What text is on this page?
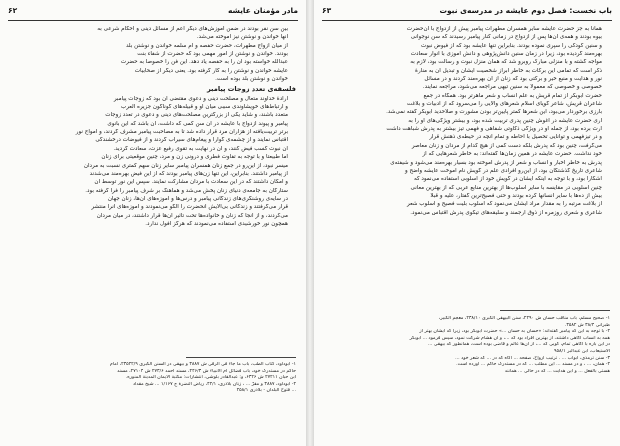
مادر مؤمنان عایشه
۶۲

بین سن نفر بودند در ضمن آموزش‌های دیگر اعم از مسائل دینی و احکام شرعی به

آنها خواندن و نوشتن نیز آموخته می‌شد.

از میان ازواج مطهرات، حضرت حفصه و ام سلمه خواندن و نوشتن بلد

بودند. خواندن و نوشتن از امور مهمی بود که حضرت از شفاء بنت

عبدالله خواسته بود آن را به حفصه یاد دهد. این فن را خصوصاً به حضرت

عایشه خواندن و نوشتن را به کار گرفته بود. یعنی دیگر از صحابیات

خواندن و نوشتن بلد بوده است.

فلسفه‌ی تعدد زوجات پیامبر

ارادهٔ خداوند متعال و مصلحت دینی و دعوی مقتضی آن بود که زوجات پیامبر

و ارتباط‌های خویشاوندی سببی میان او و قبیله‌های گوناگون جزیره العرب

متعدد باشند، و شاید یکی از بزرگترین مصلحت‌های دینی و دعوی در تعدد زوجات

پیامبر و پیوند ازدواج با عایشه در آن سن کمی که داشت، آن باشد که این بانوی

برتر تربیت‌یافته از هزاران مرد قرار داده شد تا به مصاحبت پیامبر مشرف گردند، و امواج نور

اقتباس نمایند و از چشمه‌ی گوارا و پیغام‌های سیراب گردند و از فیوضات درخشندگی

آن نبوت کسب فیض کنند، و آن در نهایت به تقوی رفیع عزت، سعادت گردید.

اما طبیعتاً و با توجه به تفاوت فطری و درونی زن و مرد، چنین موقعیتی برای زنان

میسر نبود، از این‌رو در جمع زنان همسران پیامبر سایر زنان سهم کمتری نسبت به مردان

از پیامبر داشتند. بنابراین، این تنها زن‌های پیامبر بودند که از این فیض بهره‌مند می‌شدند

و امکان داشتند که در این سعادت با مردان مشارکت نمایند. سپس این نور توسط آن

ستارگان به جامعه‌ی دنیای زنان پخش می‌شد و هماهنگ بر شرف پیامبر را فرا گرفته بود.

در سایه‌ی روشنگری‌های زندگانی پیامبر و درس‌ها و آموزه‌های آن‌ها، زنان جهان

قرار می‌گرفتند و زندگانی بی‌آلایش آنحضرت را الگو می‌نمودند و آموزه‌های آنرا منتشر

می‌کردند، و از آنجا که زنان و خانواده‌ها تحت تأثیر آن‌ها قرار داشتند، در میان مردان

همچون نور خورشیدی استفاده می‌نمودند که هرگز افول ندارد.

۱- ابوداود، کتاب الطب، باب ما جاء فی الرقی ش ۳۸۸۷ و بیهقی در السنن الکبری ۲۳۵۴۲/۹، امام
حاکم در مستدرک خود، باب فضائل ام الانبیاء ش ۲۴۶/۳، مسند احمد ۲۷۳/۶ ش ۲۷۱۰۴، مسند
ابن حبان ۲۷۲۱۱ ش ۶۳۲۶، و: عبدالقادر بلوشی، انتشارات: مکتبة الایمان المدینة المنوره.
۲- ابوداود، ۳۸۸۷ و مقرّ ... ، زنان بلاذری، ۴۴/۱، ریاض النضرة ج ۱/۱۶۷ ... شیخ مقداد
... فتوح البلدان - بلاذری ۴۵۸/۱
باب نخست: فصل دوم عایشه در مدرسه‌ی نبوت
۶۳

همانا به جز حضرت عایشه سایر همسران مطهرات پیامبر پیش از ازدواج با آن‌حضرت

بیوه بودند و همه‌ی آن‌ها پس از ازدواج در زمانی کنار پیامبر رسیدند که سن نوجوانی

و سنین کودکی را سپری نموده بودند. بنابراین تنها عایشه بود که از فیوض نبوت

بهره‌مند گردیده بود، زیرا در زمان سنین دانش‌پژوهی و دانش آموزی با انوار سعادت

مواجه گشته و با منزلی مبارک روبرو شد که همان منزل نبوت و رسالت بود، لازم به

ذکر است که تمامی این برکات به خاطر ابراز شخصیت ایشان و تبدیل آن به منارهٔ

نور و هدایت و منبع خیر و برکتی بود که زنان از آن بهره‌مند گردند و در مسائل

خصوصی و خصوصی که معمولاً به سنین تیهی مراجعه می‌شود، مراجعه نمایند.

حضرت ابوبکر از تمام قریش به علم انساب و شعر ماهرتر بود. همگاه در جمع

شاعران قریش، شاعر گویای اسلام شعرهای والایی را می‌سرود که از ادبیات و بلاغت

بارزی برخوردار می‌بود، این شعرها کمتر پایین‌تر بودن مشورت و صلاحدید ابوبکر گفته نمی‌شد.

آری حضرت عایشه در آغوش چنین پدری تربیت شده بود، و بیشتر ویژگی‌های او را به

ارث برده بود، از جمله او در ویژگی ذکاوتی شفاهی و فهمی تیز بیشتر به پدرش شباهت داشت

و در تیزفهمی و توانایی تحصیل با احاطه و تمام آنچه در حیطه‌ی ذهنش قرار

می‌گرفت، چنین بود که پدرش بلکه دست کمی از هیچ کدام از مردان و زنان معاصر

خود نداشت. حضرت عایشه در همین زمان‌ها گفته‌اند: به خاطر شعرهایی که از

پدرش به خاطر اخبار و انساب و شعر از پدرش آموخته بود بسیار بهره‌مند می‌شود و شیفته‌ی

شاعری تاریخ گذشتگان بود، از این‌رو افرادی علم در گویش نام آموخت عایشه واضح و

آشکارا بود، و با توجه به اینکه ایشان در گویش خود از اسلوبی استفاده می‌نمود که

چنین اسلوبی در مقایسه با سایر اسلوب‌ها از بهترین منابع عربی که از بهترین معانی

بیش از ده‌ها با سایر انسانها کرده بودند و حتی فصیح‌ترین گفتار، علیه و قبلاً

از بلاغت مرتبه را به مقدار مراد ایشان می‌نمود که اسلوب بلیت فصیح و اسلوب شعر

شاعری و شعری روزمره از ذوق ارجمند و سلیقه‌های تیکوی پدرش اقتباس می‌نمود.

۱- صحیح مسلم، باب مناقب حسان ش ۲۴۹۰، سنن البیهقی الکبری ۲۳۸/۱۰، معجم الکبیر،
طبرانی ۳۸/۴ ش ۳۵۸۲.
۲- با توجه به این که پیامبر گفته‌اند: «حسان به حسان ...» حضرت ابوبکر بود، زیرا که ایشان بهتر از
همه به انساب آگاهی داشتند، از بهترین افراد بود که ...، و آن هشام شرکت نمود، سپس فرمود ... ابوبکر
در این باره با آگاهی تمام، گویی که ...، از آن‌ها عالم و قاضی بوده است، همانطور که بیهقی ...
الاستیعاب، ابن عبدالبر ۹۵۸/۱
۳- سنن ترمذی، ابواب ... . ترتیب ارواح، صفحه ... آگاه که در ... که شعر خود ...
۴- همان، ... ، و در مسند ... این مطلب ... که در مستدرک حاکم ... آورده است.
هستی بالفعل ... و این هدایت ... که در حالی ... همانند
